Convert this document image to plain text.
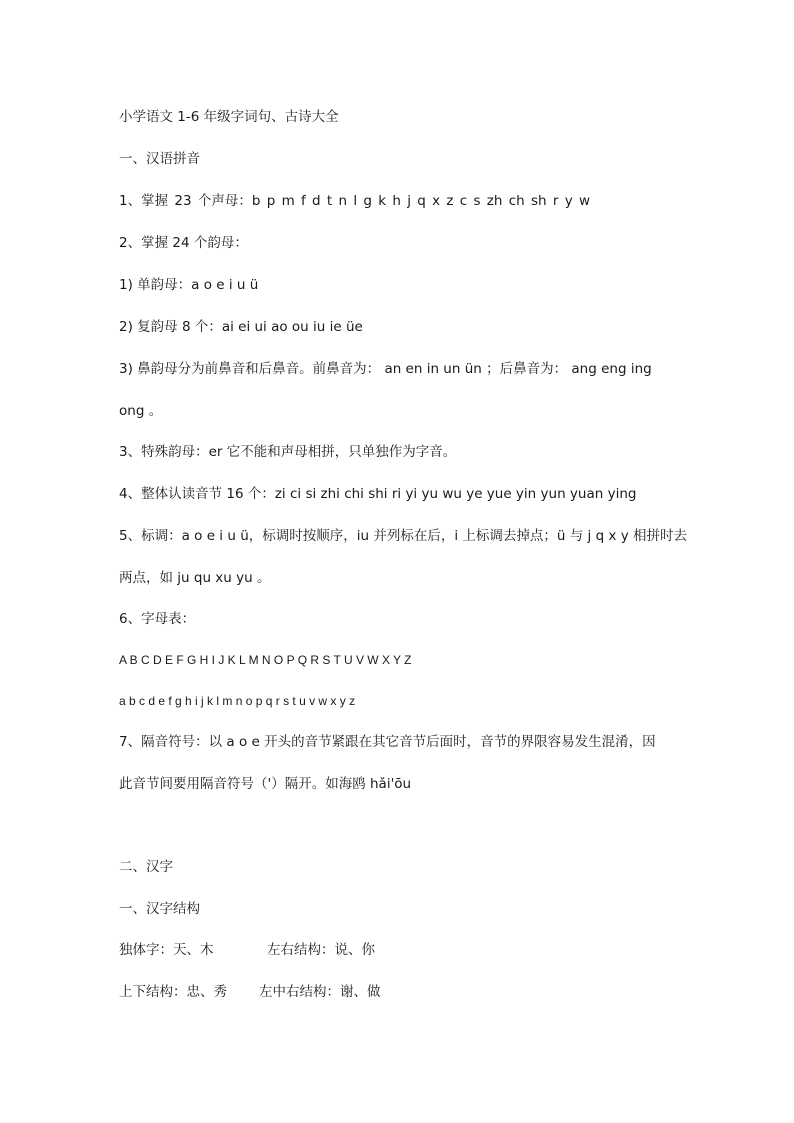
小学语文 1-6 年级字词句、古诗大全
一、汉语拼音
1、掌握 23 个声母：b p m f d t n l g k h j q x z c s zh ch sh r y w
2、掌握 24 个韵母：
1) 单韵母：a o e i u ü
2) 复韵母 8 个：ai ei ui ao ou iu ie üe
3) 鼻韵母分为前鼻音和后鼻音。前鼻音为： an en in un ün ；后鼻音为： ang eng ing
ong 。
3、特殊韵母：er 它不能和声母相拼，只单独作为字音。
4、整体认读音节 16 个：zi ci si zhi chi shi ri yi yu wu ye yue yin yun yuan ying
5、标调：a o e i u ü，标调时按顺序，iu 并列标在后，i 上标调去掉点；ü 与 j q x y 相拼时去
两点，如 ju qu xu yu 。
6、字母表：
A B C D E F G H I J K L M N O P Q R S T U V W X Y Z
a b c d e f g h i j k l m n o p q r s t u v w x y z
7、隔音符号：以 a o e 开头的音节紧跟在其它音节后面时，音节的界限容易发生混淆，因
此音节间要用隔音符号（'）隔开。如海鸥 hǎi'ōu
二、汉字
一、汉字结构
独体字：天、木	左右结构：说、你
上下结构：忠、秀 左中右结构：谢、做
